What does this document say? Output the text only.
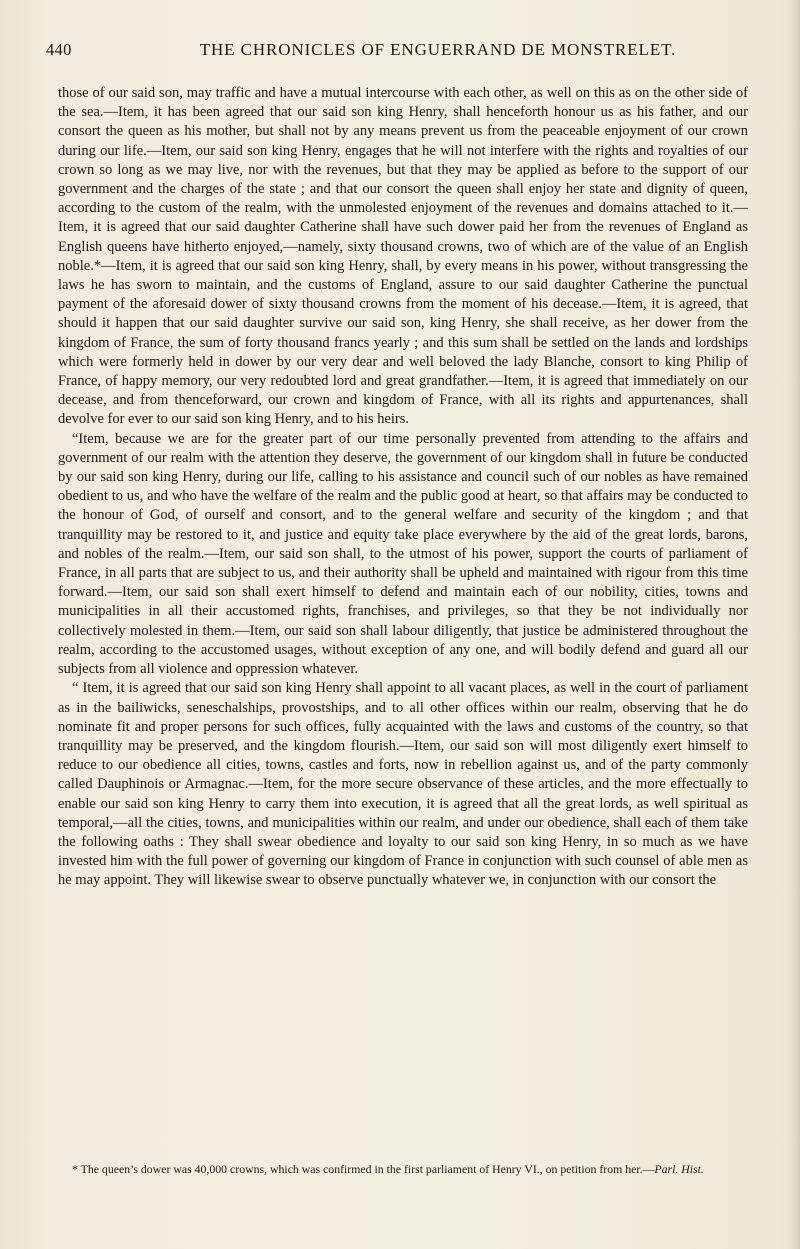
440	THE CHRONICLES OF ENGUERRAND DE MONSTRELET.

those of our said son, may traffic and have a mutual intercourse with each other, as well on this as on the other side of the sea.—Item, it has been agreed that our said son king Henry, shall henceforth honour us as his father, and our consort the queen as his mother, but shall not by any means prevent us from the peaceable enjoyment of our crown during our life.—Item, our said son king Henry, engages that he will not interfere with the rights and royalties of our crown so long as we may live, nor with the revenues, but that they may be applied as before to the support of our government and the charges of the state ; and that our consort the queen shall enjoy her state and dignity of queen, according to the custom of the realm, with the unmolested enjoyment of the revenues and domains attached to it.—Item, it is agreed that our said daughter Catherine shall have such dower paid her from the revenues of England as English queens have hitherto enjoyed,—namely, sixty thousand crowns, two of which are of the value of an English noble.*—Item, it is agreed that our said son king Henry, shall, by every means in his power, without transgressing the laws he has sworn to maintain, and the customs of England, assure to our said daughter Catherine the punctual payment of the aforesaid dower of sixty thousand crowns from the moment of his decease.—Item, it is agreed, that should it happen that our said daughter survive our said son, king Henry, she shall receive, as her dower from the kingdom of France, the sum of forty thousand francs yearly ; and this sum shall be settled on the lands and lordships which were formerly held in dower by our very dear and well beloved the lady Blanche, consort to king Philip of France, of happy memory, our very redoubted lord and great grandfather.—Item, it is agreed that immediately on our decease, and from thenceforward, our crown and kingdom of France, with all its rights and appurtenances, shall devolve for ever to our said son king Henry, and to his heirs.

“Item, because we are for the greater part of our time personally prevented from attending to the affairs and government of our realm with the attention they deserve, the government of our kingdom shall in future be conducted by our said son king Henry, during our life, calling to his assistance and council such of our nobles as have remained obedient to us, and who have the welfare of the realm and the public good at heart, so that affairs may be conducted to the honour of God, of ourself and consort, and to the general welfare and security of the kingdom ; and that tranquillity may be restored to it, and justice and equity take place everywhere by the aid of the great lords, barons, and nobles of the realm.—Item, our said son shall, to the utmost of his power, support the courts of parliament of France, in all parts that are subject to us, and their authority shall be upheld and maintained with rigour from this time forward.—Item, our said son shall exert himself to defend and maintain each of our nobility, cities, towns and municipalities in all their accustomed rights, franchises, and privileges, so that they be not individually nor collectively molested in them.—Item, our said son shall labour diligently, that justice be administered throughout the realm, according to the accustomed usages, without exception of any one, and will bodily defend and guard all our subjects from all violence and oppression whatever.

“ Item, it is agreed that our said son king Henry shall appoint to all vacant places, as well in the court of parliament as in the bailiwicks, seneschalships, provostships, and to all other offices within our realm, observing that he do nominate fit and proper persons for such offices, fully acquainted with the laws and customs of the country, so that tranquillity may be preserved, and the kingdom flourish.—Item, our said son will most diligently exert himself to reduce to our obedience all cities, towns, castles and forts, now in rebellion against us, and of the party commonly called Dauphinois or Armagnac.—Item, for the more secure observance of these articles, and the more effectually to enable our said son king Henry to carry them into execution, it is agreed that all the great lords, as well spiritual as temporal,—all the cities, towns, and municipalities within our realm, and under our obedience, shall each of them take the following oaths : They shall swear obedience and loyalty to our said son king Henry, in so much as we have invested him with the full power of governing our kingdom of France in conjunction with such counsel of able men as he may appoint. They will likewise swear to observe punctually whatever we, in conjunction with our consort the

* The queen’s dower was 40,000 crowns, which was confirmed in the first parliament of Henry VI., on petition from her.—Parl. Hist.
